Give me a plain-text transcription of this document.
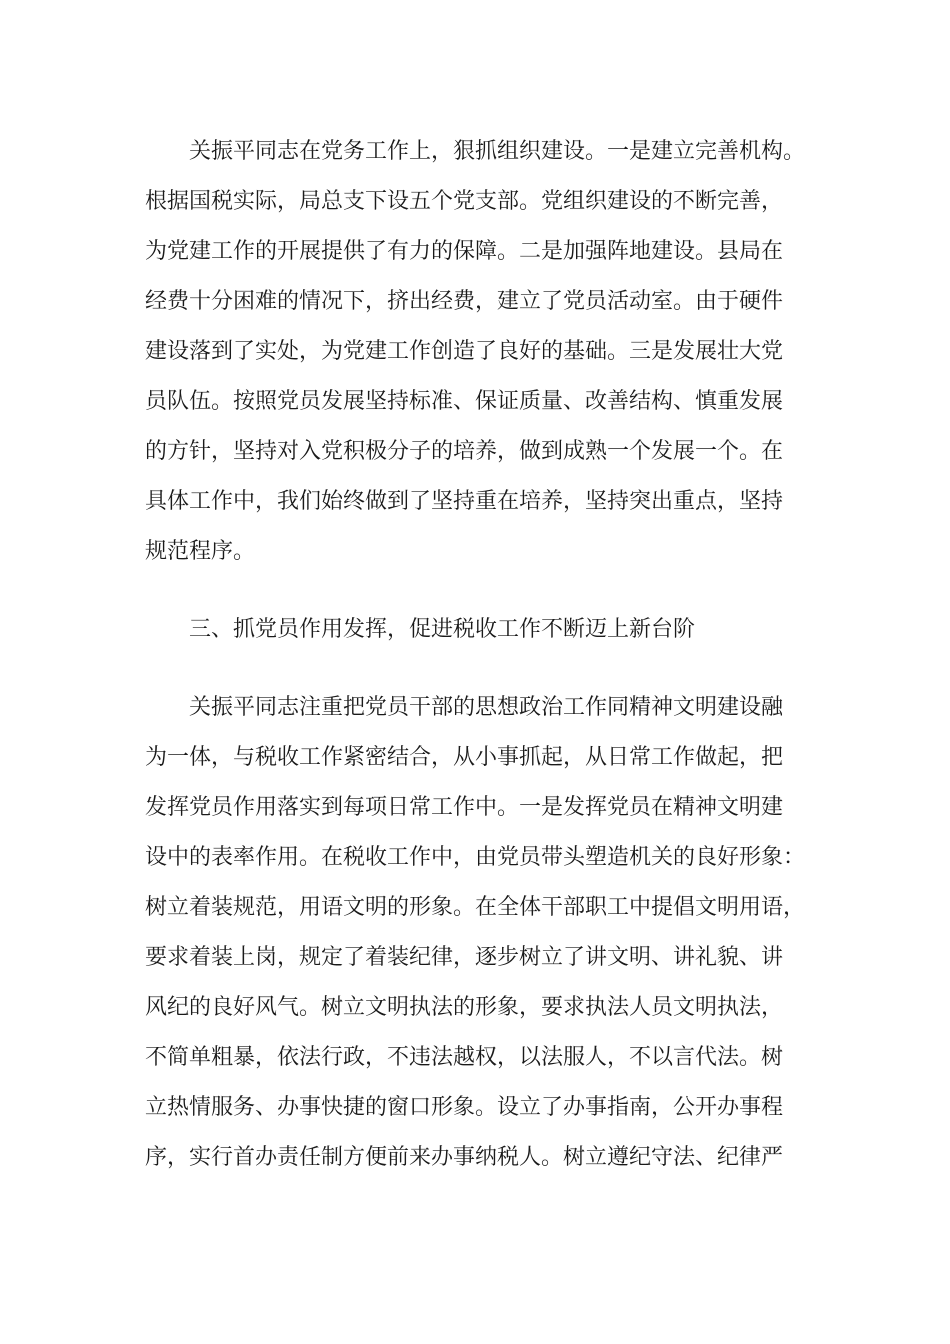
关振平同志在党务工作上，狠抓组织建设。一是建立完善机构。

根据国税实际，局总支下设五个党支部。党组织建设的不断完善，

为党建工作的开展提供了有力的保障。二是加强阵地建设。县局在

经费十分困难的情况下，挤出经费，建立了党员活动室。由于硬件

建设落到了实处，为党建工作创造了良好的基础。三是发展壮大党

员队伍。按照党员发展坚持标准、保证质量、改善结构、慎重发展

的方针，坚持对入党积极分子的培养，做到成熟一个发展一个。在

具体工作中，我们始终做到了坚持重在培养，坚持突出重点，坚持

规范程序。

三、抓党员作用发挥，促进税收工作不断迈上新台阶

关振平同志注重把党员干部的思想政治工作同精神文明建设融

为一体，与税收工作紧密结合，从小事抓起，从日常工作做起，把

发挥党员作用落实到每项日常工作中。一是发挥党员在精神文明建

设中的表率作用。在税收工作中，由党员带头塑造机关的良好形象：

树立着装规范，用语文明的形象。在全体干部职工中提倡文明用语，

要求着装上岗，规定了着装纪律，逐步树立了讲文明、讲礼貌、讲

风纪的良好风气。树立文明执法的形象，要求执法人员文明执法，

不简单粗暴，依法行政，不违法越权，以法服人，不以言代法。树

立热情服务、办事快捷的窗口形象。设立了办事指南，公开办事程

序，实行首办责任制方便前来办事纳税人。树立遵纪守法、纪律严
